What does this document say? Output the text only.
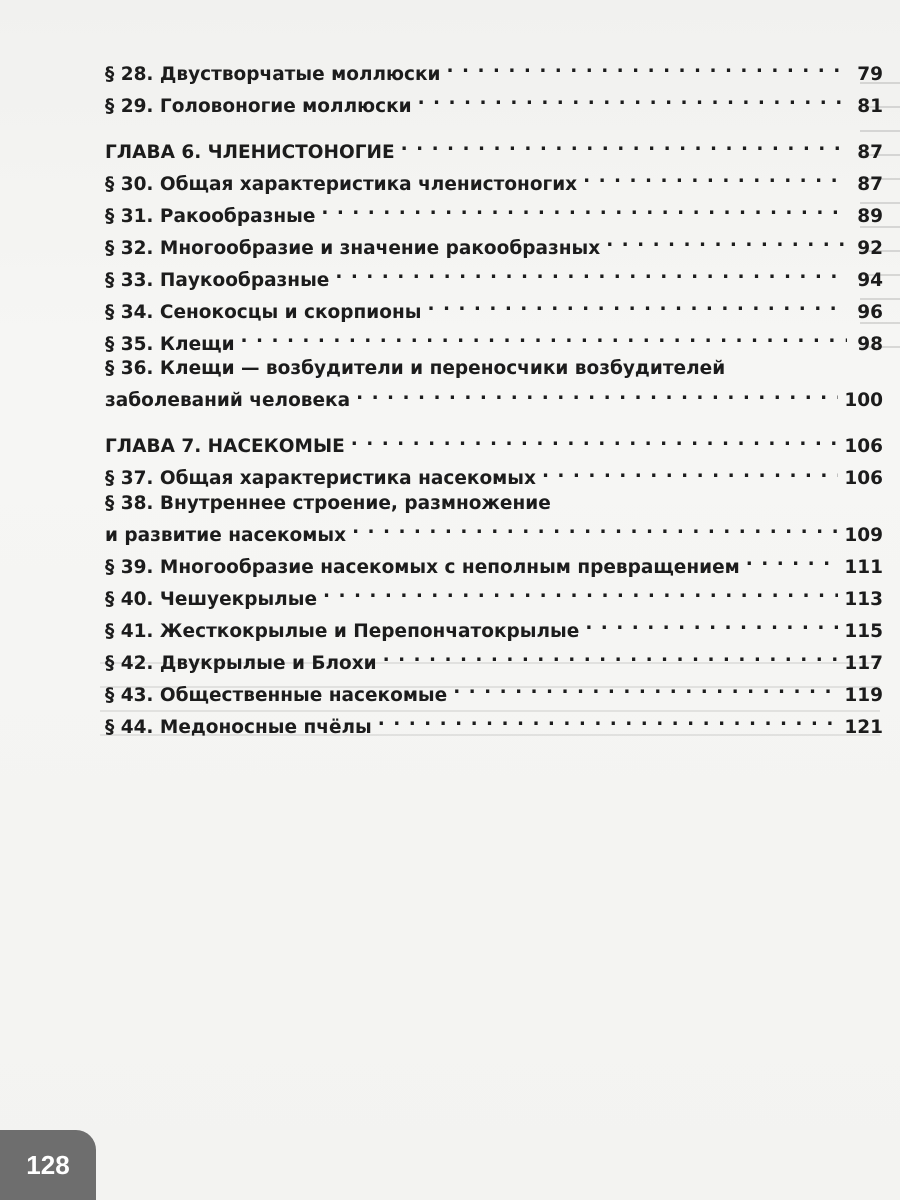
§ 28. Двустворчатые моллюски . . .	79
§ 29. Головоногие моллюски . . .	81
ГЛАВА 6. ЧЛЕНИСТОНОГИЕ . . .	87
§ 30. Общая характеристика членистоногих . . .	87
§ 31. Ракообразные . . .	89
§ 32. Многообразие и значение ракообразных . . .	92
§ 33. Паукообразные . . .	94
§ 34. Сенокосцы и скорпионы . . .	96
§ 35. Клещи . . .	98
§ 36. Клещи — возбудители и переносчики возбудителей
заболеваний человека . . .	100
ГЛАВА 7. НАСЕКОМЫЕ . . .	106
§ 37. Общая характеристика насекомых . . .	106
§ 38. Внутреннее строение, размножение
и развитие насекомых . . .	109
§ 39. Многообразие насекомых с неполным превращением . . .	111
§ 40. Чешуекрылые . . .	113
§ 41. Жесткокрылые и Перепончатокрылые . . .	115
§ 42. Двукрылые и Блохи . . .	117
§ 43. Общественные насекомые . . .	119
§ 44. Медоносные пчёлы . . .	121
128
